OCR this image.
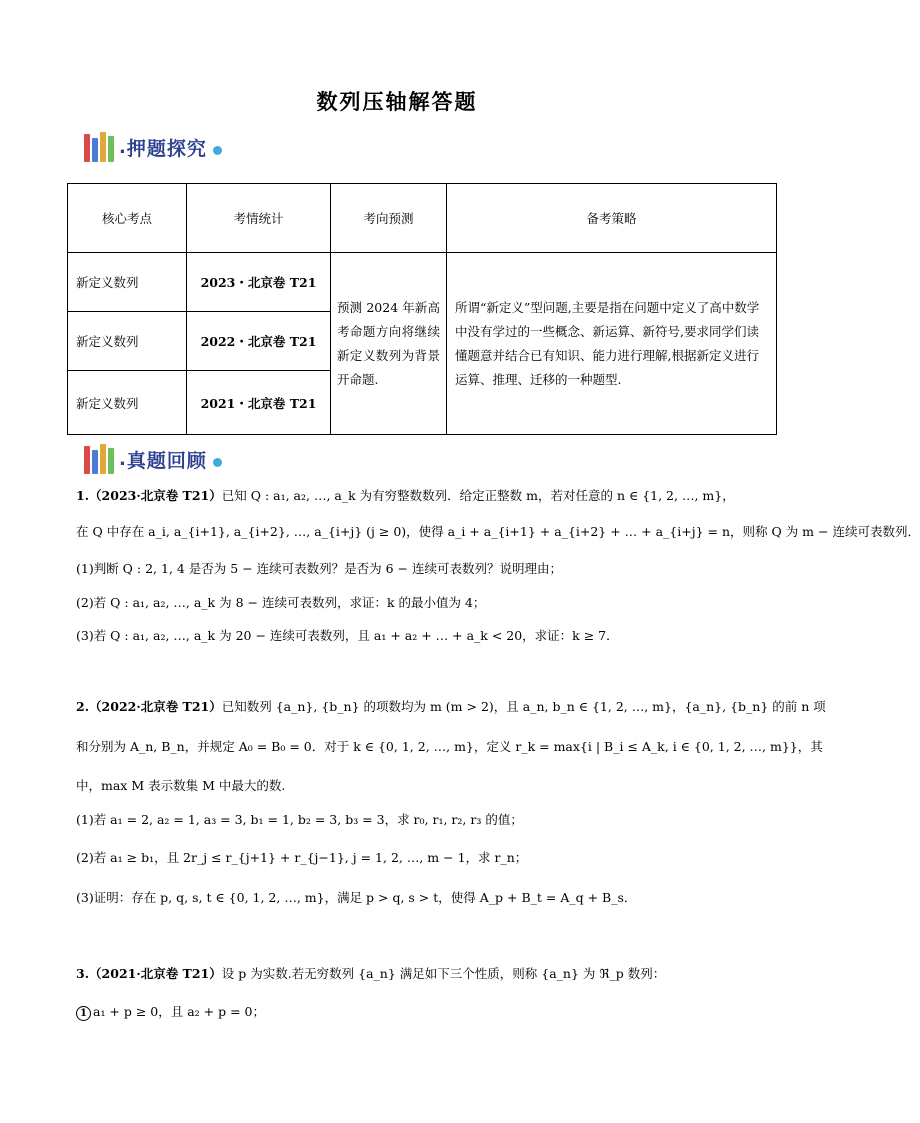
数列压轴解答题
. 押题探究
核心考点	考情统计	考向预测	备考策略
新定义数列	2023・北京卷 T21	预测 2024 年新高考命题方向将继续新定义数列为背景开命题.	所谓“新定义”型问题,主要是指在问题中定义了高中数学中没有学过的一些概念、新运算、新符号,要求同学们读懂题意并结合已有知识、能力进行理解,根据新定义进行运算、推理、迁移的一种题型.
新定义数列	2022・北京卷 T21		
新定义数列	2021・北京卷 T21		
. 真题回顾
1.（2023·北京卷 T21）已知 Q : a₁, a₂, …, a_k 为有穷整数数列．给定正整数 m，若对任意的 n ∈ {1, 2, …, m}，
在 Q 中存在 a_i, a_{i+1}, a_{i+2}, …, a_{i+j} (j ≥ 0)，使得 a_i + a_{i+1} + a_{i+2} + … + a_{i+j} = n，则称 Q 为 m − 连续可表数列．
(1)判断 Q : 2, 1, 4 是否为 5 − 连续可表数列？是否为 6 − 连续可表数列？说明理由；
(2)若 Q : a₁, a₂, …, a_k 为 8 − 连续可表数列，求证：k 的最小值为 4；
(3)若 Q : a₁, a₂, …, a_k 为 20 − 连续可表数列，且 a₁ + a₂ + … + a_k < 20，求证：k ≥ 7．
2.（2022·北京卷 T21）已知数列 {a_n}, {b_n} 的项数均为 m (m > 2)，且 a_n, b_n ∈ {1, 2, …, m}，{a_n}, {b_n} 的前 n 项
和分别为 A_n, B_n，并规定 A₀ = B₀ = 0．对于 k ∈ {0, 1, 2, …, m}，定义 r_k = max{i | B_i ≤ A_k, i ∈ {0, 1, 2, …, m}}，其
中，max M 表示数集 M 中最大的数.
(1)若 a₁ = 2, a₂ = 1, a₃ = 3, b₁ = 1, b₂ = 3, b₃ = 3，求 r₀, r₁, r₂, r₃ 的值；
(2)若 a₁ ≥ b₁，且 2r_j ≤ r_{j+1} + r_{j−1}, j = 1, 2, …, m − 1，求 r_n；
(3)证明：存在 p, q, s, t ∈ {0, 1, 2, …, m}，满足 p > q, s > t，使得 A_p + B_t = A_q + B_s．
3.（2021·北京卷 T21）设 p 为实数.若无穷数列 {a_n} 满足如下三个性质，则称 {a_n} 为 ℜ_p 数列：
1 a₁ + p ≥ 0，且 a₂ + p = 0；
